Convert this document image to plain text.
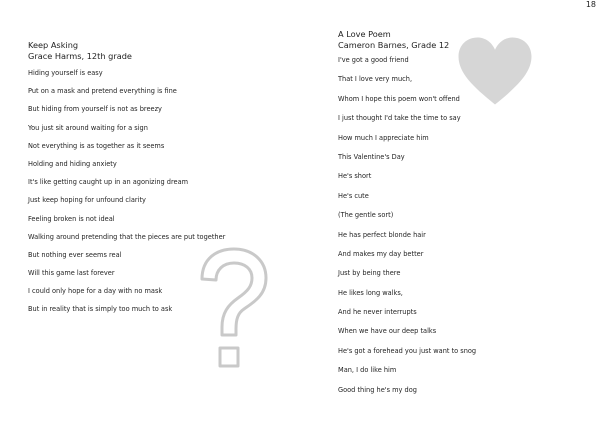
18
Keep Asking
Grace Harms, 12th grade
Hiding yourself is easy
Put on a mask and pretend everything is fine
But hiding from yourself is not as breezy
You just sit around waiting for a sign
Not everything is as together as it seems
Holding and hiding anxiety
It's like getting caught up in an agonizing dream
Just keep hoping for unfound clarity
Feeling broken is not ideal
Walking around pretending that the pieces are put together
But nothing ever seems real
Will this game last forever
I could only hope for a day with no mask
But in reality that is simply too much to ask
A Love Poem
Cameron Barnes, Grade 12
I've got a good friend
That I love very much,
Whom I hope this poem won't offend
I just thought I'd take the time to say
How much I appreciate him
This Valentine's Day
He's short
He's cute
(The gentle sort)
He has perfect blonde hair
And makes my day better
Just by being there
He likes long walks,
And he never interrupts
When we have our deep talks
He's got a forehead you just want to snog
Man, I do like him
Good thing he's my dog
